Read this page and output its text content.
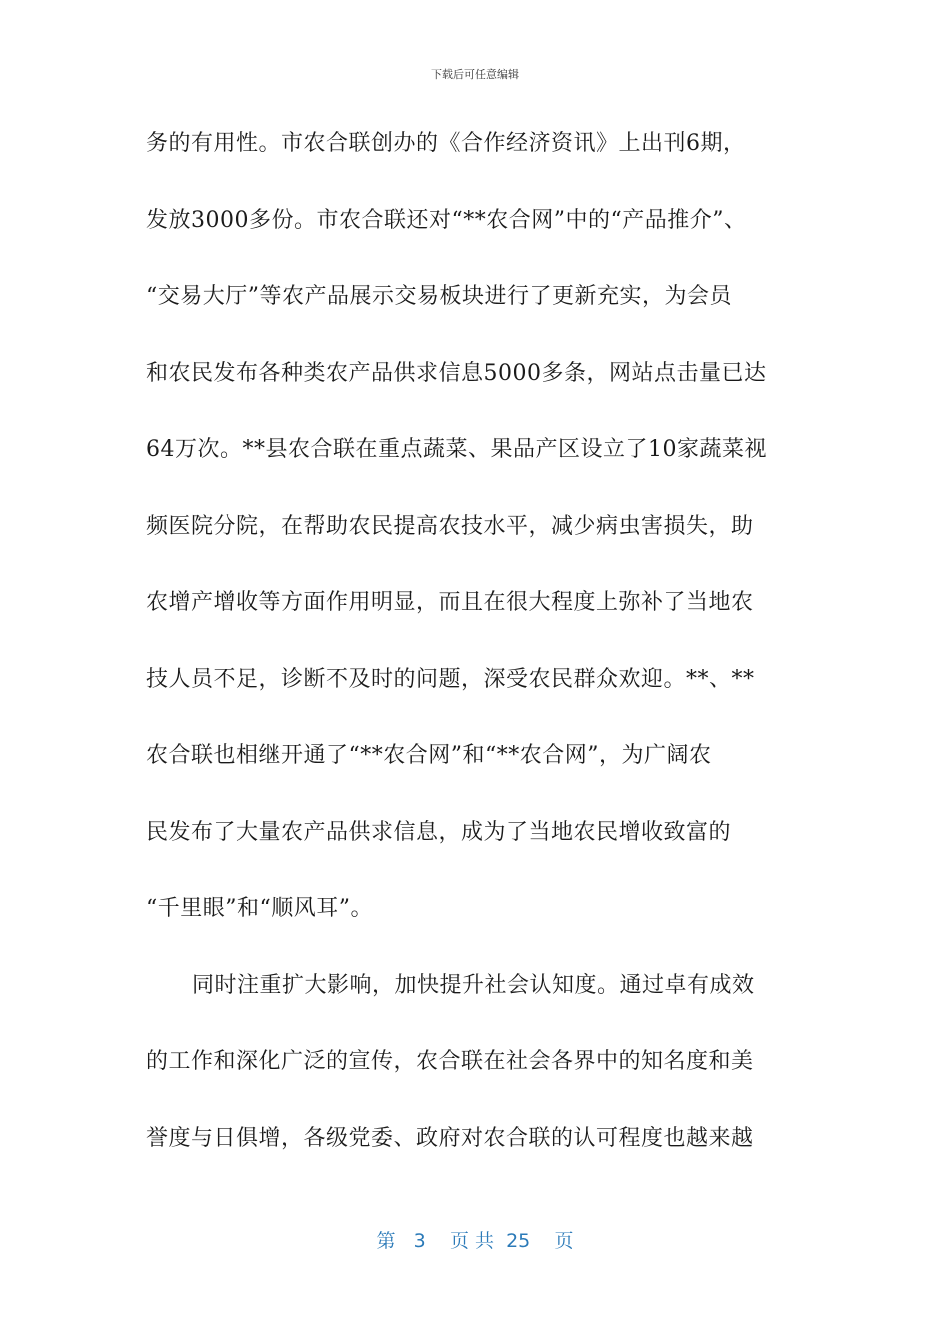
下载后可任意编辑
务的有用性。市农合联创办的《合作经济资讯》上出刊6期，
发放3000多份。市农合联还对“**农合网”中的“产品推介”、
“交易大厅”等农产品展示交易板块进行了更新充实，为会员
和农民发布各种类农产品供求信息5000多条，网站点击量已达
64万次。**县农合联在重点蔬菜、果品产区设立了10家蔬菜视
频医院分院，在帮助农民提高农技水平，减少病虫害损失，助
农增产增收等方面作用明显，而且在很大程度上弥补了当地农
技人员不足，诊断不及时的问题，深受农民群众欢迎。**、**
农合联也相继开通了“**农合网”和“**农合网”，为广阔农
民发布了大量农产品供求信息，成为了当地农民增收致富的
“千里眼”和“顺风耳”。
同时注重扩大影响，加快提升社会认知度。通过卓有成效
的工作和深化广泛的宣传，农合联在社会各界中的知名度和美
誉度与日俱增，各级党委、政府对农合联的认可程度也越来越
第 3 页 共 25 页
